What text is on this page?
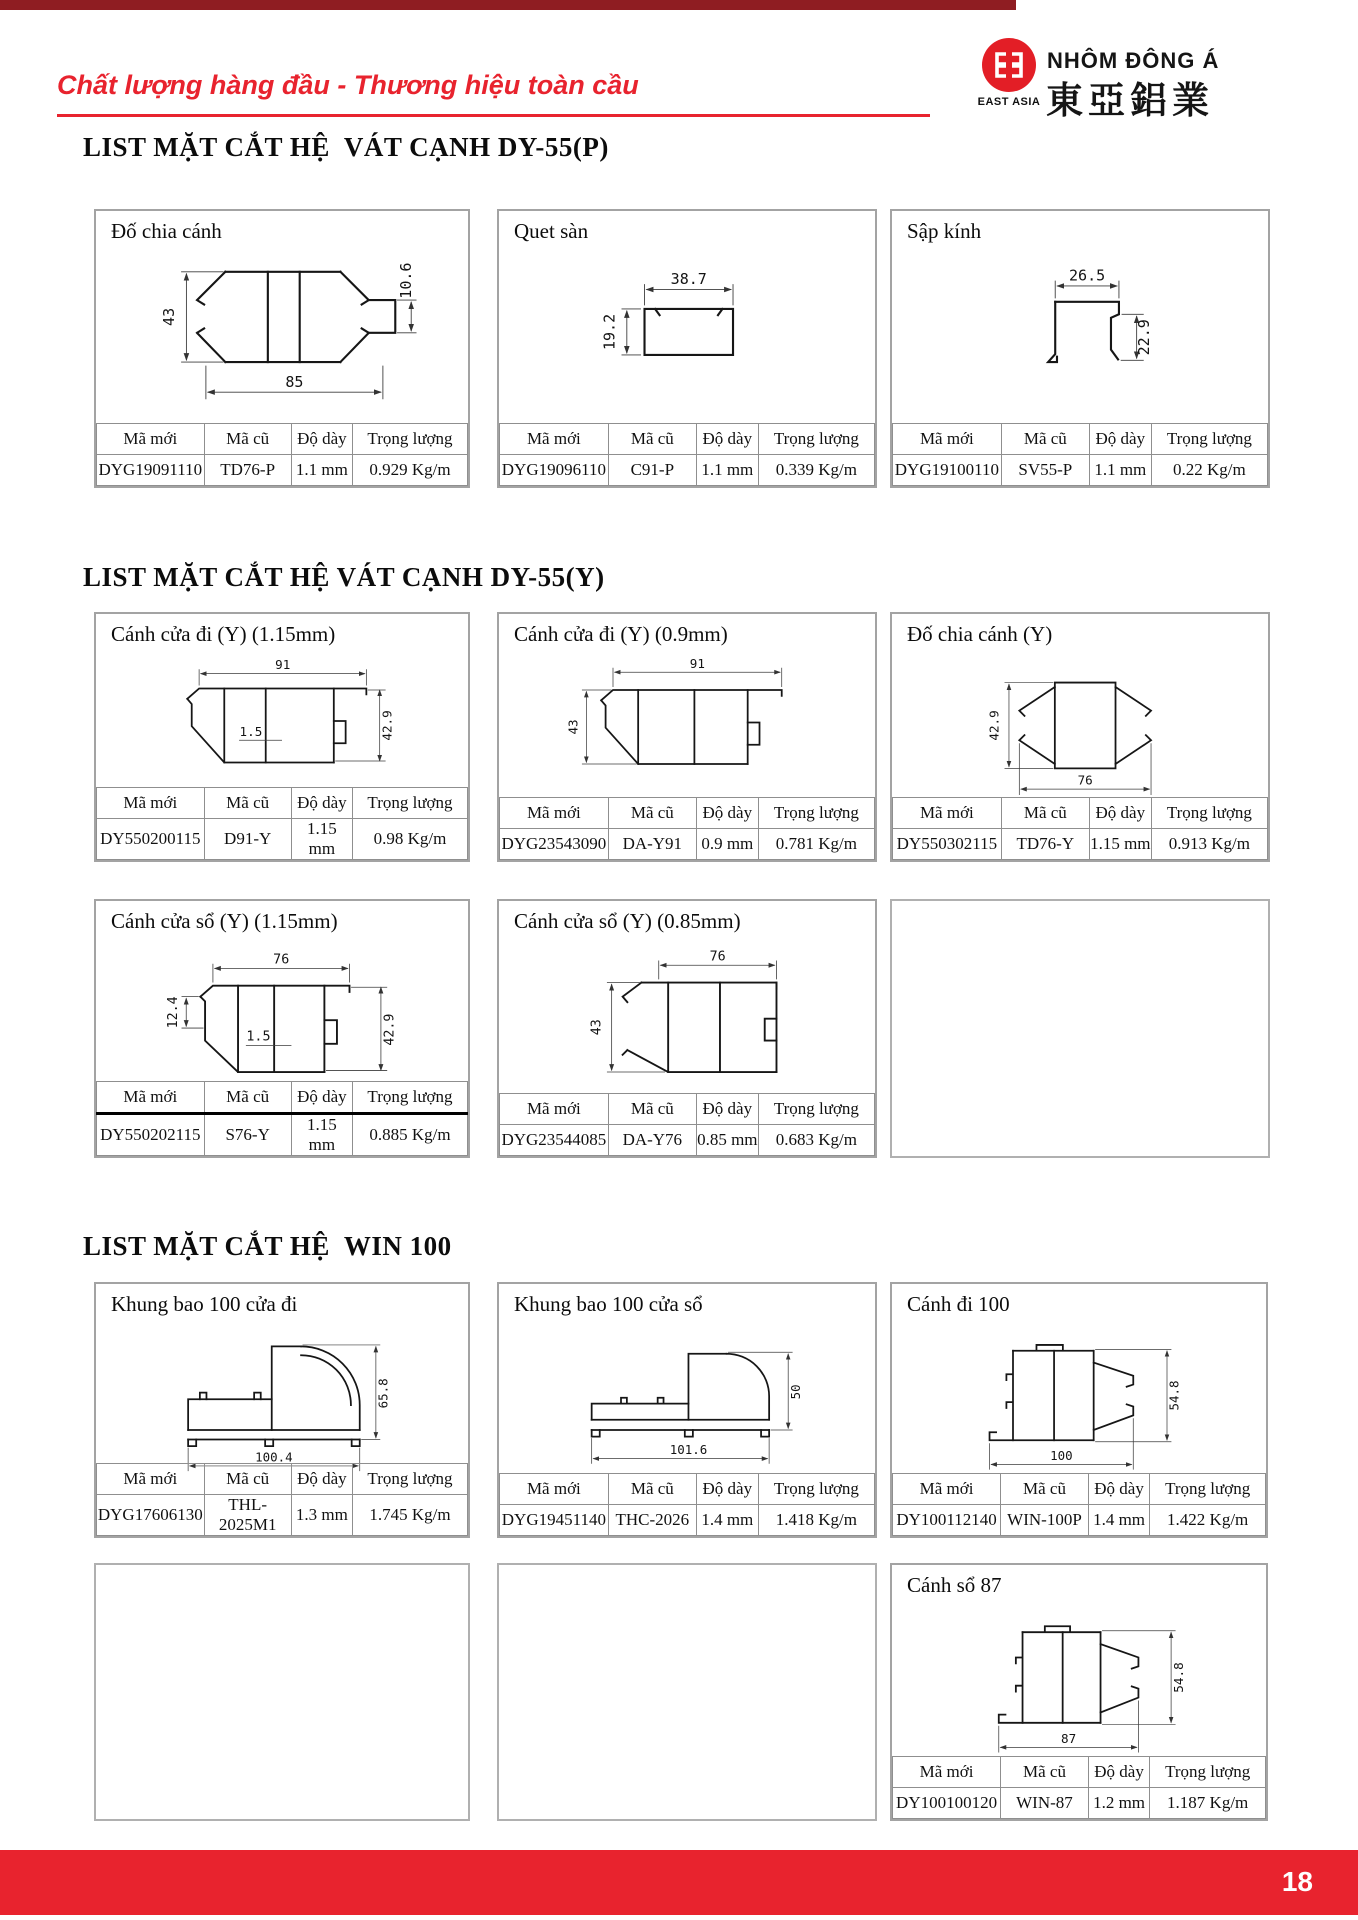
Chất lượng hàng đầu - Thương hiệu toàn cầu
EAST ASIA
NHÔM ĐÔNG Á
東亞鋁業
LIST MẶT CẮT HỆ  VÁT CẠNH DY-55(P)
Đố chia cánh
43
85
10.6
Mã mới	Mã cũ	Độ dày	Trọng lượng
DYG19091110	TD76-P	1.1 mm	0.929 Kg/m
Quet sàn
38.7
19.2
Mã mới	Mã cũ	Độ dày	Trọng lượng
DYG19096110	C91-P	1.1 mm	0.339 Kg/m
Sập kính
26.5
22.9
Mã mới	Mã cũ	Độ dày	Trọng lượng
DYG19100110	SV55-P	1.1 mm	0.22 Kg/m
LIST MẶT CẮT HỆ VÁT CẠNH DY-55(Y)
Cánh cửa đi (Y) (1.15mm)
91
1.5	42.9
Mã mới	Mã cũ	Độ dày	Trọng lượng
DY550200115	D91-Y	1.15 mm	0.98 Kg/m
Cánh cửa đi (Y) (0.9mm)
91
43
Mã mới	Mã cũ	Độ dày	Trọng lượng
DYG23543090	DA-Y91	0.9 mm	0.781 Kg/m
Đố chia cánh (Y)
42.9
76
Mã mới	Mã cũ	Độ dày	Trọng lượng
DY550302115	TD76-Y	1.15 mm	0.913 Kg/m
Cánh cửa sổ (Y) (1.15mm)
76
12.4
1.5	42.9
Mã mới	Mã cũ	Độ dày	Trọng lượng
DY550202115	S76-Y	1.15 mm	0.885 Kg/m
Cánh cửa sổ (Y) (0.85mm)
76
43
Mã mới	Mã cũ	Độ dày	Trọng lượng
DYG23544085	DA-Y76	0.85 mm	0.683 Kg/m
LIST MẶT CẮT HỆ  WIN 100
Khung bao 100 cửa đi
65.8
100.4
Mã mới	Mã cũ	Độ dày	Trọng lượng
DYG17606130	THL-2025M1	1.3 mm	1.745 Kg/m
Khung bao 100 cửa sổ
101.6
50
Mã mới	Mã cũ	Độ dày	Trọng lượng
DYG19451140	THC-2026	1.4 mm	1.418 Kg/m
Cánh đi 100
54.8
100
Mã mới	Mã cũ	Độ dày	Trọng lượng
DY100112140	WIN-100P	1.4 mm	1.422 Kg/m
Cánh sổ 87
54.8
87
Mã mới	Mã cũ	Độ dày	Trọng lượng
DY100100120	WIN-87	1.2 mm	1.187 Kg/m
18
